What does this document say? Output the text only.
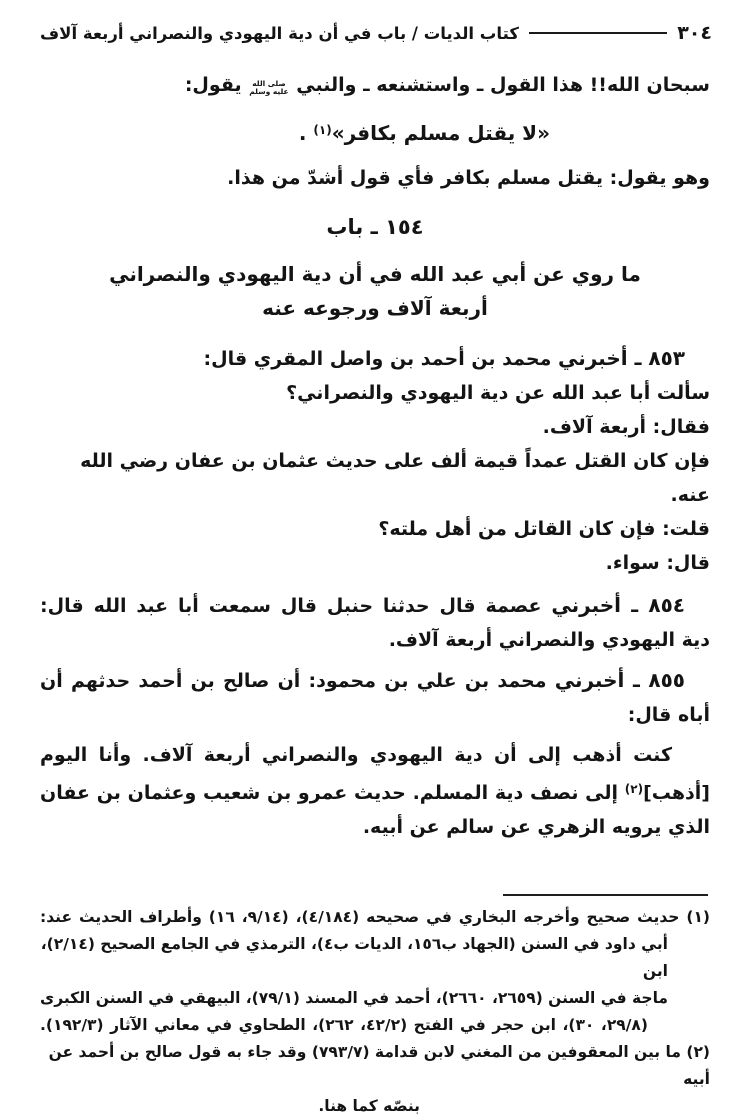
٣٠٤
كتاب الديات / باب في أن دية اليهودي والنصراني أربعة آلاف

سبحان الله!! هذا القول ـ واستشنعه ـ والنبي صلى الله
عليه وسلم يقول:

«لا يقتل مسلم بكافر»$^{(١)}$ .

وهو يقول: يقتل مسلم بكافر فأي قول أشدّ من هذا.

١٥٤ ـ باب
ما روي عن أبي عبد الله في أن دية اليهودي والنصراني
أربعة آلاف ورجوعه عنه

٨٥٣ ـ أخبرني محمد بن أحمد بن واصل المقري قال:

سألت أبا عبد الله عن دية اليهودي والنصراني؟

فقال: أربعة آلاف.

فإن كان القتل عمداً قيمة ألف على حديث عثمان بن عفان رضي الله عنه.

قلت: فإن كان القاتل من أهل ملته؟

قال: سواء.

٨٥٤ ـ أخبرني عصمة قال حدثنا حنبل قال سمعت أبا عبد الله قال:

دية اليهودي والنصراني أربعة آلاف.

٨٥٥ ـ أخبرني محمد بن علي بن محمود: أن صالح بن أحمد حدثهم أن

أباه قال:

كنت أذهب إلى أن دية اليهودي والنصراني أربعة آلاف. وأنا اليوم

[أذهب]$^{(٢)}$ إلى نصف دية المسلم. حديث عمرو بن شعيب وعثمان بن عفان

الذي يرويه الزهري عن سالم عن أبيه.

(١) حديث صحيح وأخرجه البخاري في صحيحه (٤/١٨٤)، (٩/١٤، ١٦) وأطراف الحديث عند:

أبي داود في السنن (الجهاد ب١٥٦، الديات ب٤)، الترمذي في الجامع الصحيح (٢/١٤)، ابن

ماجة في السنن (٢٦٥٩، ٢٦٦٠)، أحمد في المسند (٧٩/١)، البيهقي في السنن الكبرى

(٢٩/٨، ٣٠)، ابن حجر في الفتح (٤٢/٢، ٢٦٢)، الطحاوي في معاني الآثار (١٩٢/٣).

(٢) ما بين المعقوفين من المغني لابن قدامة (٧٩٣/٧) وقد جاء به قول صالح بن أحمد عن أبيه

بنصّه كما هنا.
